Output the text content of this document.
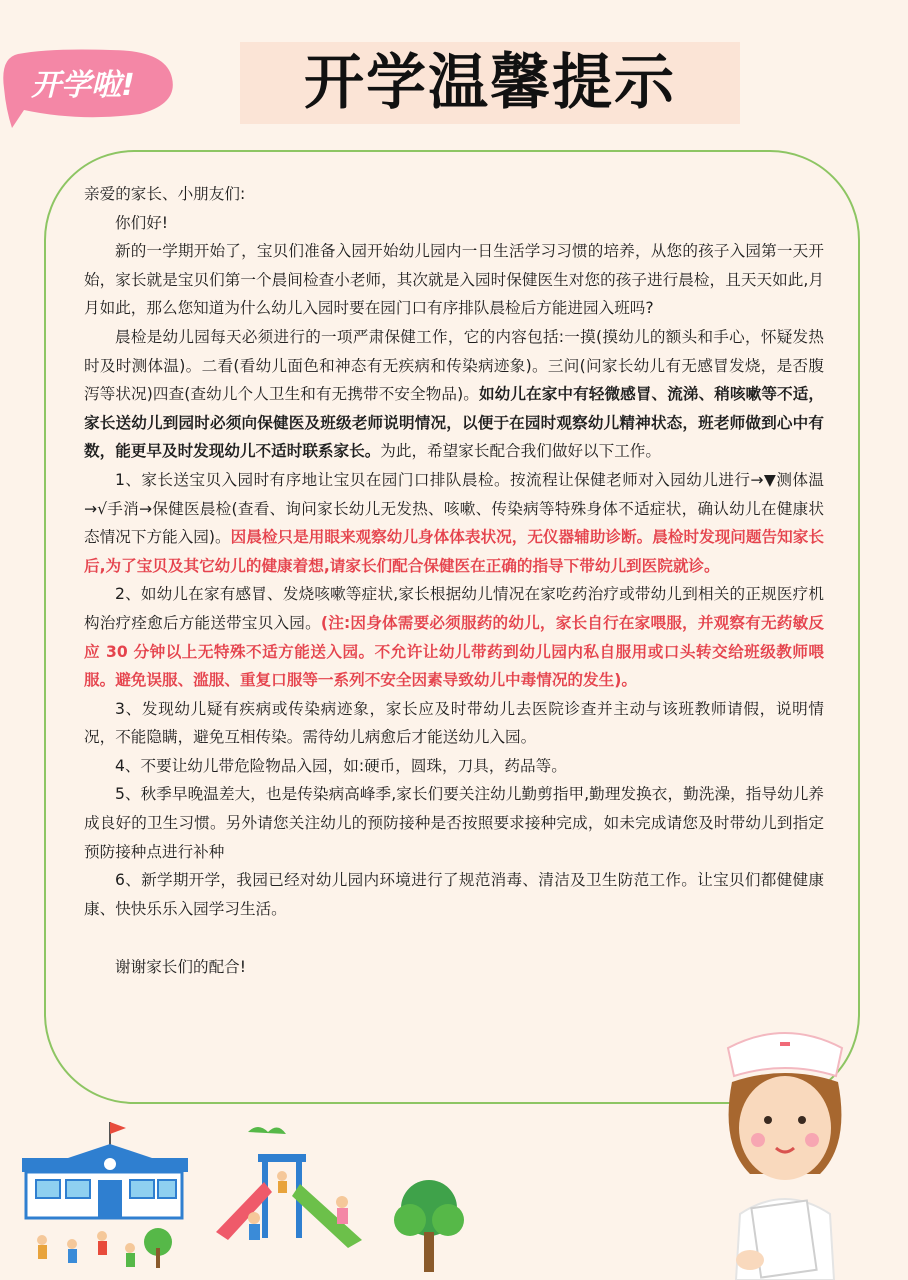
开学啦!	开学温馨提示

亲爱的家长、小朋友们:

你们好!

新的一学期开始了，宝贝们准备入园开始幼儿园内一日生活学习习惯的培养，从您的孩子入园第一天开始，家长就是宝贝们第一个晨间检查小老师，其次就是入园时保健医生对您的孩子进行晨检，且天天如此,月月如此，那么您知道为什么幼儿入园时要在园门口有序排队晨检后方能进园入班吗?

晨检是幼儿园每天必须进行的一项严肃保健工作，它的内容包括:一摸(摸幼儿的额头和手心，怀疑发热时及时测体温)。二看(看幼儿面色和神态有无疾病和传染病迹象)。三问(问家长幼儿有无感冒发烧，是否腹泻等状况)四查(查幼儿个人卫生和有无携带不安全物品)。如幼儿在家中有轻微感冒、流涕、稍咳嗽等不适，家长送幼儿到园时必须向保健医及班级老师说明情况，以便于在园时观察幼儿精神状态，班老师做到心中有数，能更早及时发现幼儿不适时联系家长。为此，希望家长配合我们做好以下工作。

1、家长送宝贝入园时有序地让宝贝在园门口排队晨检。按流程让保健老师对入园幼儿进行→▼测体温→√手消→保健医晨检(查看、询问家长幼儿无发热、咳嗽、传染病等特殊身体不适症状，确认幼儿在健康状态情况下方能入园)。因晨检只是用眼来观察幼儿身体体表状况，无仪器辅助诊断。晨检时发现问题告知家长后,为了宝贝及其它幼儿的健康着想,请家长们配合保健医在正确的指导下带幼儿到医院就诊。

2、如幼儿在家有感冒、发烧咳嗽等症状,家长根据幼儿情况在家吃药治疗或带幼儿到相关的正规医疗机构治疗痊愈后方能送带宝贝入园。(注:因身体需要必须服药的幼儿，家长自行在家喂服，并观察有无药敏反应 30 分钟以上无特殊不适方能送入园。不允许让幼儿带药到幼儿园内私自服用或口头转交给班级教师喂服。避免误服、滥服、重复口服等一系列不安全因素导致幼儿中毒情况的发生)。

3、发现幼儿疑有疾病或传染病迹象，家长应及时带幼儿去医院诊查并主动与该班教师请假，说明情况，不能隐瞒，避免互相传染。需待幼儿病愈后才能送幼儿入园。

4、不要让幼儿带危险物品入园，如:硬币，圆珠，刀具，药品等。

5、秋季早晚温差大，也是传染病高峰季,家长们要关注幼儿勤剪指甲,勤理发换衣，勤洗澡，指导幼儿养成良好的卫生习惯。另外请您关注幼儿的预防接种是否按照要求接种完成，如未完成请您及时带幼儿到指定预防接种点进行补种

6、新学期开学，我园已经对幼儿园内环境进行了规范消毒、清洁及卫生防范工作。让宝贝们都健健康康、快快乐乐入园学习生活。

谢谢家长们的配合!
